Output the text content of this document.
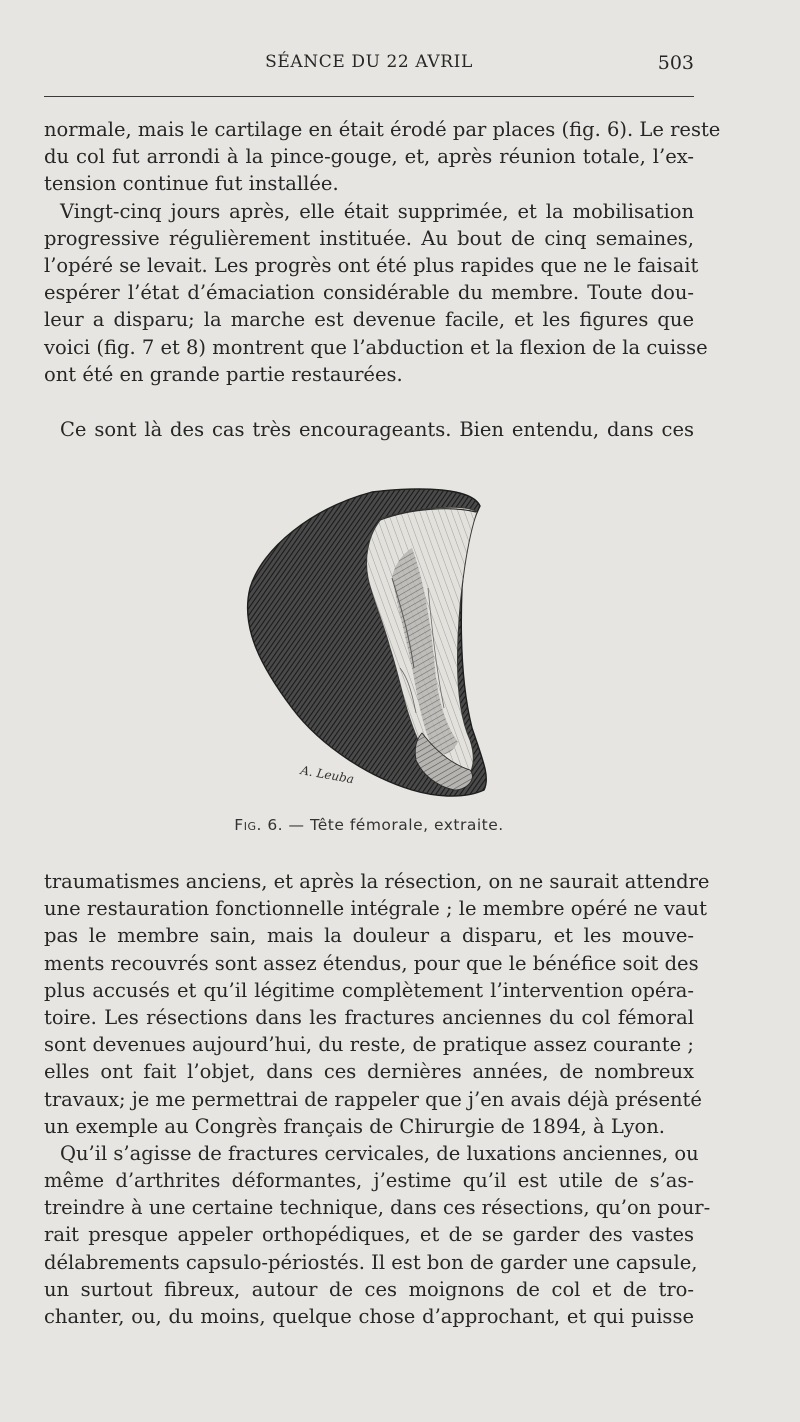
SÉANCE DU 22 AVRIL	503
normale, mais le cartilage en était érodé par places (fig. 6). Le reste
du col fut arrondi à la pince-gouge, et, après réunion totale, l’ex-
tension continue fut installée.
Vingt-cinq jours après, elle était supprimée, et la mobilisation
progressive régulièrement instituée. Au bout de cinq semaines,
l’opéré se levait. Les progrès ont été plus rapides que ne le faisait
espérer l’état d’émaciation considérable du membre. Toute dou-
leur a disparu; la marche est devenue facile, et les figures que
voici (fig. 7 et 8) montrent que l’abduction et la flexion de la cuisse
ont été en grande partie restaurées.
Ce sont là des cas très encourageants. Bien entendu, dans ces
A. Leuba
Fig. 6. — Tête fémorale, extraite.
traumatismes anciens, et après la résection, on ne saurait attendre
une restauration fonctionnelle intégrale ; le membre opéré ne vaut
pas le membre sain, mais la douleur a disparu, et les mouve-
ments recouvrés sont assez étendus, pour que le bénéfice soit des
plus accusés et qu’il légitime complètement l’intervention opéra-
toire. Les résections dans les fractures anciennes du col fémoral
sont devenues aujourd’hui, du reste, de pratique assez courante ;
elles ont fait l’objet, dans ces dernières années, de nombreux
travaux; je me permettrai de rappeler que j’en avais déjà présenté
un exemple au Congrès français de Chirurgie de 1894, à Lyon.
Qu’il s’agisse de fractures cervicales, de luxations anciennes, ou
même d’arthrites déformantes, j’estime qu’il est utile de s’as-
treindre à une certaine technique, dans ces résections, qu’on pour-
rait presque appeler orthopédiques, et de se garder des vastes
délabrements capsulo-périostés. Il est bon de garder une capsule,
un surtout fibreux, autour de ces moignons de col et de tro-
chanter, ou, du moins, quelque chose d’approchant, et qui puisse
